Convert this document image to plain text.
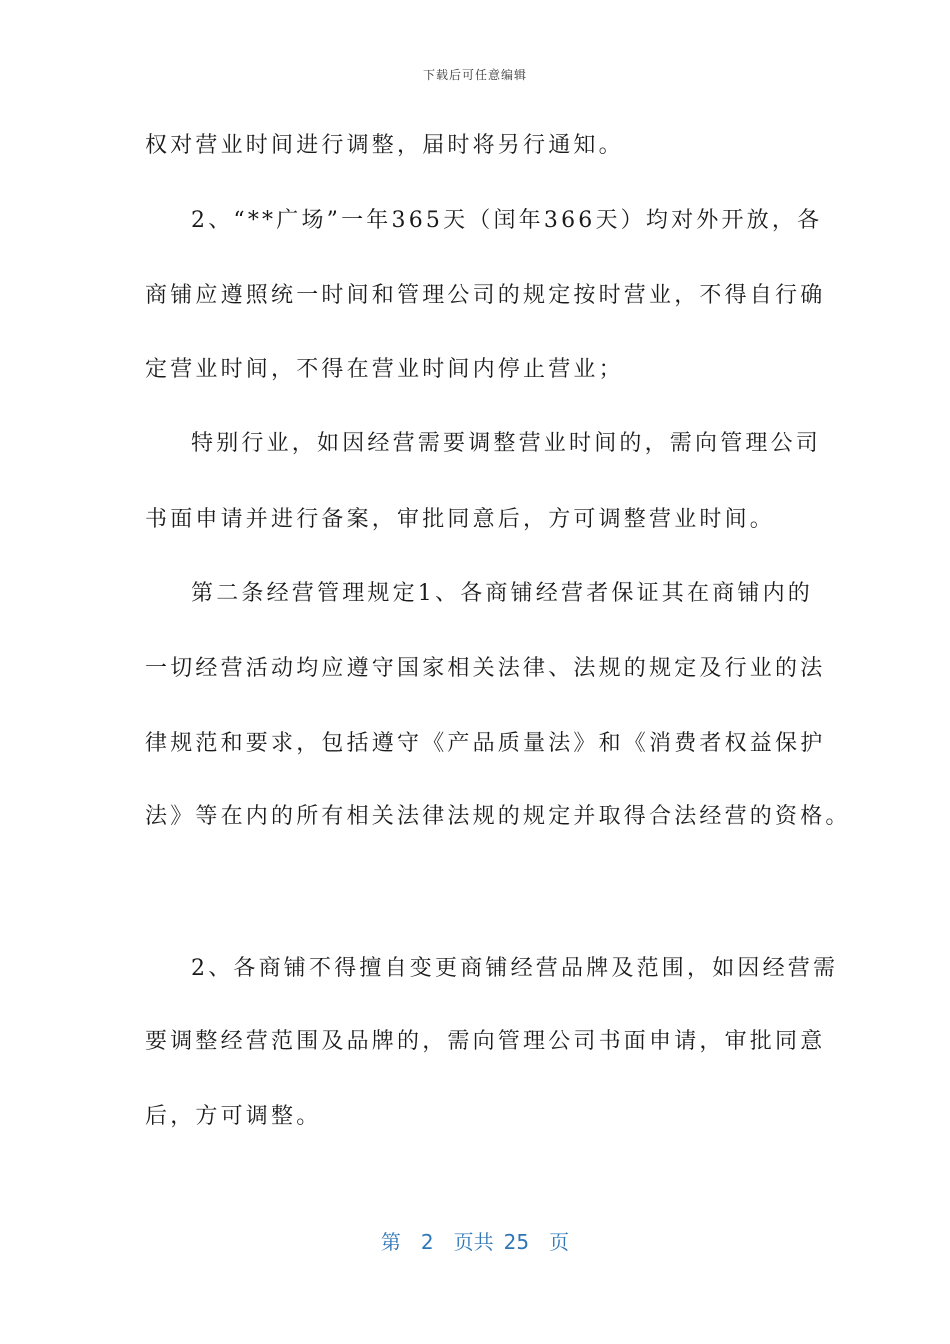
下载后可任意编辑
权对营业时间进行调整，届时将另行通知。
2、“**广场”一年365天（闰年366天）均对外开放，各
商铺应遵照统一时间和管理公司的规定按时营业，不得自行确
定营业时间，不得在营业时间内停止营业；
特别行业，如因经营需要调整营业时间的，需向管理公司
书面申请并进行备案，审批同意后，方可调整营业时间。
第二条经营管理规定1、各商铺经营者保证其在商铺内的
一切经营活动均应遵守国家相关法律、法规的规定及行业的法
律规范和要求，包括遵守《产品质量法》和《消费者权益保护
法》等在内的所有相关法律法规的规定并取得合法经营的资格。
2、各商铺不得擅自变更商铺经营品牌及范围，如因经营需
要调整经营范围及品牌的，需向管理公司书面申请，审批同意
后，方可调整。
第 2 页共 25 页
